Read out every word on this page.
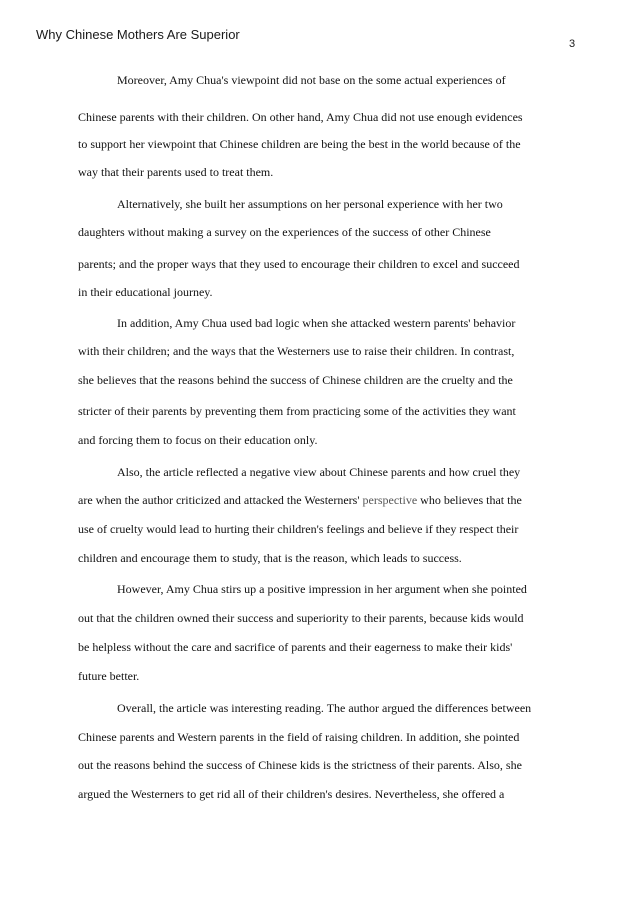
Why Chinese Mothers Are Superior
3
Moreover, Amy Chua's viewpoint did not base on the some actual experiences of
Chinese parents with their children. On other hand, Amy Chua did not use enough evidences
to support her viewpoint that Chinese children are being the best in the world because of the
way that their parents used to treat them.
Alternatively, she built her assumptions on her personal experience with her two
daughters without making a survey on the experiences of the success of other Chinese
parents; and the proper ways that they used to encourage their children to excel and succeed
in their educational journey.
In addition, Amy Chua used bad logic when she attacked western parents' behavior
with their children; and the ways that the Westerners use to raise their children. In contrast,
she believes that the reasons behind the success of Chinese children are the cruelty and the
stricter of their parents by preventing them from practicing some of the activities they want
and forcing them to focus on their education only.
Also, the article reflected a negative view about Chinese parents and how cruel they
are when the author criticized and attacked the Westerners' perspective who believes that the
use of cruelty would lead to hurting their children's feelings and believe if they respect their
children and encourage them to study, that is the reason, which leads to success.
However, Amy Chua stirs up a positive impression in her argument when she pointed
out that the children owned their success and superiority to their parents, because kids would
be helpless without the care and sacrifice of parents and their eagerness to make their kids'
future better.
Overall, the article was interesting reading. The author argued the differences between
Chinese parents and Western parents in the field of raising children. In addition, she pointed
out the reasons behind the success of Chinese kids is the strictness of their parents. Also, she
argued the Westerners to get rid all of their children's desires. Nevertheless, she offered a
